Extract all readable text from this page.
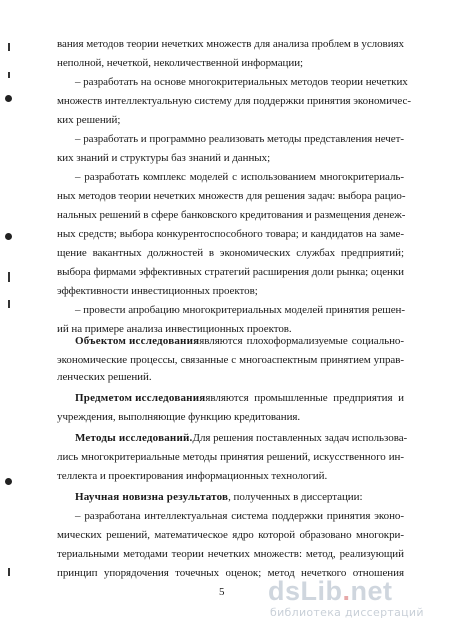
вания методов теории нечетких множеств для анализа проблем в условиях
неполной, нечеткой, неколичественной информации;
– разработать на основе многокритериальных методов теории нечетких
множеств интеллектуальную систему для поддержки принятия экономичес-
ких решений;
– разработать и программно реализовать методы представления нечет-
ких знаний и структуры баз знаний и данных;
– разработать комплекс моделей с использованием многокритериаль-
ных методов теории нечетких множеств для решения задач: выбора рацио-
нальных решений в сфере банковского кредитования и размещения денеж-
ных средств; выбора конкурентоспособного товара; и кандидатов на заме-
щение вакантных должностей в экономических службах предприятий;
выбора фирмами эффективных стратегий расширения доли рынка; оценки
эффективности инвестиционных проектов;
– провести апробацию многокритериальных моделей принятия решен-
ий на примере анализа инвестиционных проектов.
Объектом исследования являются плохоформализуемые социально-
экономические процессы, связанные с многоаспектным принятием управ-
ленческих решений.
Предметом исследования являются промышленные предприятия и
учреждения, выполняющие функцию кредитования.
Методы исследований. Для решения поставленных задач использова-
лись многокритериальные методы принятия решений, искусственного ин-
теллекта и проектирования информационных технологий.
Научная новизна результатов, полученных в диссертации:
– разработана интеллектуальная система поддержки принятия эконо-
мических решений, математическое ядро которой образовано многокри-
териальными методами теории нечетких множеств: метод, реализующий
принцип упорядочения точечных оценок; метод нечеткого отношения
5 dsLib.net
библиотека диссертаций
